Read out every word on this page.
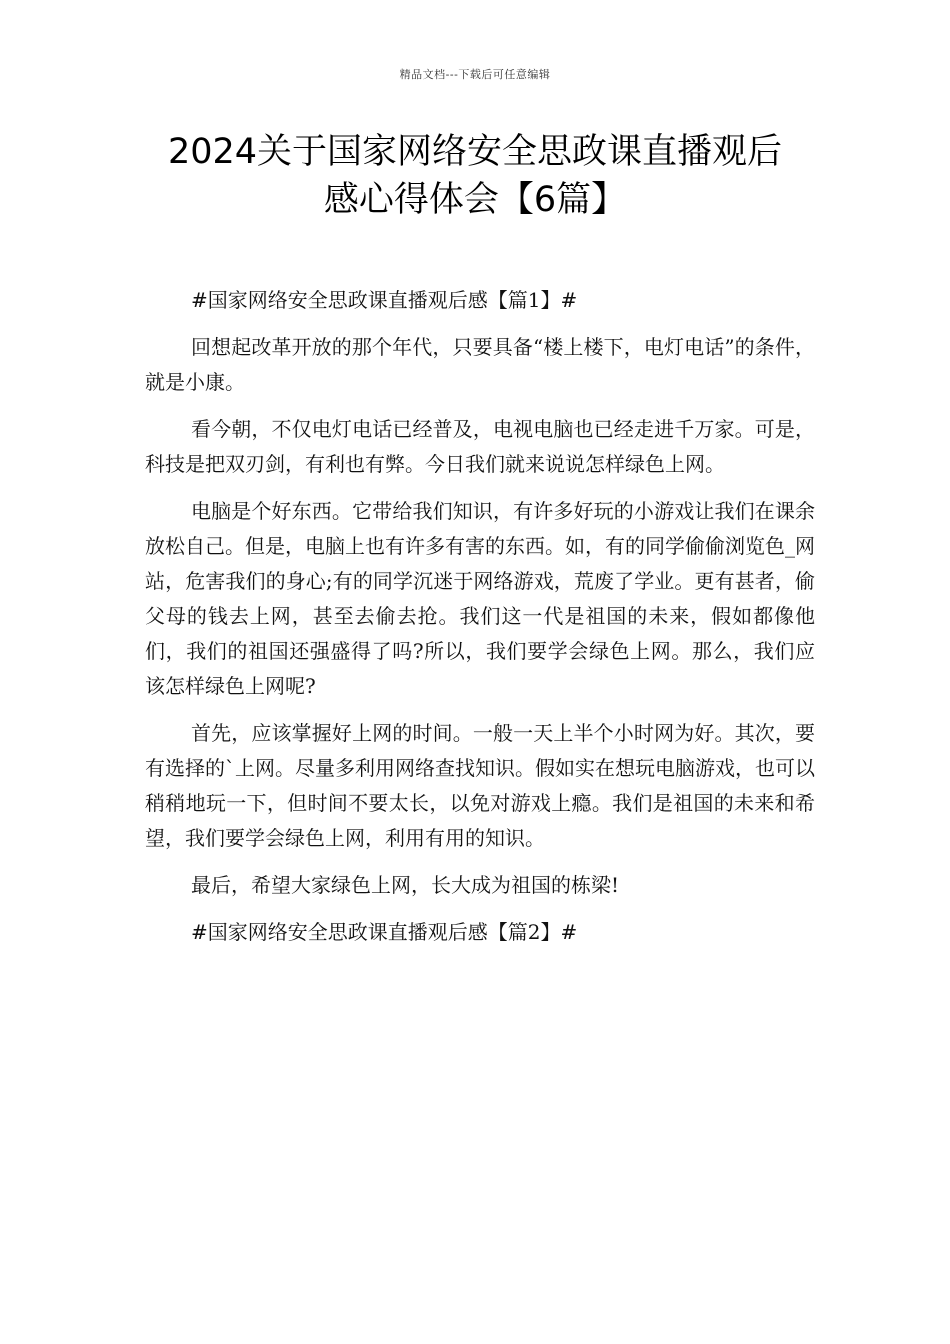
精品文档---下载后可任意编辑
2024关于国家网络安全思政课直播观后
感心得体会【6篇】

#国家网络安全思政课直播观后感【篇1】#

回想起改革开放的那个年代，只要具备“楼上楼下，电灯电话”的条件，就是小康。

看今朝，不仅电灯电话已经普及，电视电脑也已经走进千万家。可是，科技是把双刃剑，有利也有弊。今日我们就来说说怎样绿色上网。

电脑是个好东西。它带给我们知识，有许多好玩的小游戏让我们在课余放松自己。但是，电脑上也有许多有害的东西。如，有的同学偷偷浏览色_网站，危害我们的身心;有的同学沉迷于网络游戏，荒废了学业。更有甚者，偷父母的钱去上网，甚至去偷去抢。我们这一代是祖国的未来，假如都像他们，我们的祖国还强盛得了吗?所以，我们要学会绿色上网。那么，我们应该怎样绿色上网呢?

首先，应该掌握好上网的时间。一般一天上半个小时网为好。其次，要有选择的`上网。尽量多利用网络查找知识。假如实在想玩电脑游戏，也可以稍稍地玩一下，但时间不要太长，以免对游戏上瘾。我们是祖国的未来和希望，我们要学会绿色上网，利用有用的知识。

最后，希望大家绿色上网，长大成为祖国的栋梁!

#国家网络安全思政课直播观后感【篇2】#
